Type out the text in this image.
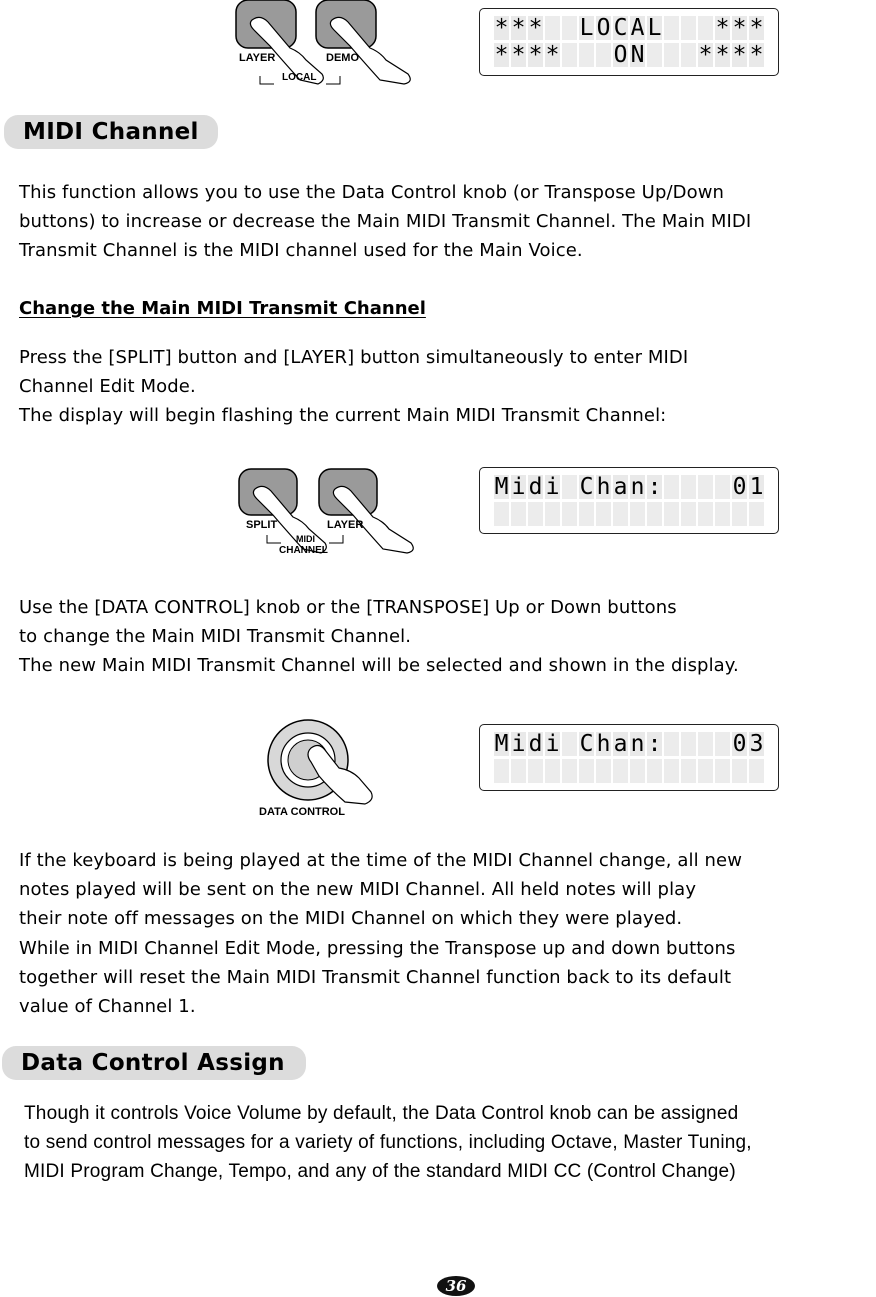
LAYER	DEMO
LOCAL
* * * L O C A L * * *
* * * * O N * * * *
MIDI Channel
This function allows you to use the Data Control knob (or Transpose Up/Down
buttons) to increase or decrease the Main MIDI Transmit Channel. The Main MIDI
Transmit Channel is the MIDI channel used for the Main Voice.
Change the Main MIDI Transmit Channel
Press the [SPLIT] button and [LAYER] button simultaneously to enter MIDI
Channel Edit Mode.
The display will begin flashing the current Main MIDI Transmit Channel:
SPLIT	LAYER
MIDI
CHANNEL
M i d i C h a n :	0 1
Use the [DATA CONTROL] knob or the [TRANSPOSE] Up or Down buttons
to change the Main MIDI Transmit Channel.
The new Main MIDI Transmit Channel will be selected and shown in the display.
DATA CONTROL
M i d i C h a n :	0 3
If the keyboard is being played at the time of the MIDI Channel change, all new
notes played will be sent on the new MIDI Channel. All held notes will play
their note off messages on the MIDI Channel on which they were played.
While in MIDI Channel Edit Mode, pressing the Transpose up and down buttons
together will reset the Main MIDI Transmit Channel function back to its default
value of Channel 1.
Data Control Assign
Though it controls Voice Volume by default, the Data Control knob can be assigned
to send control messages for a variety of functions, including Octave, Master Tuning,
MIDI Program Change, Tempo, and any of the standard MIDI CC (Control Change)
36
